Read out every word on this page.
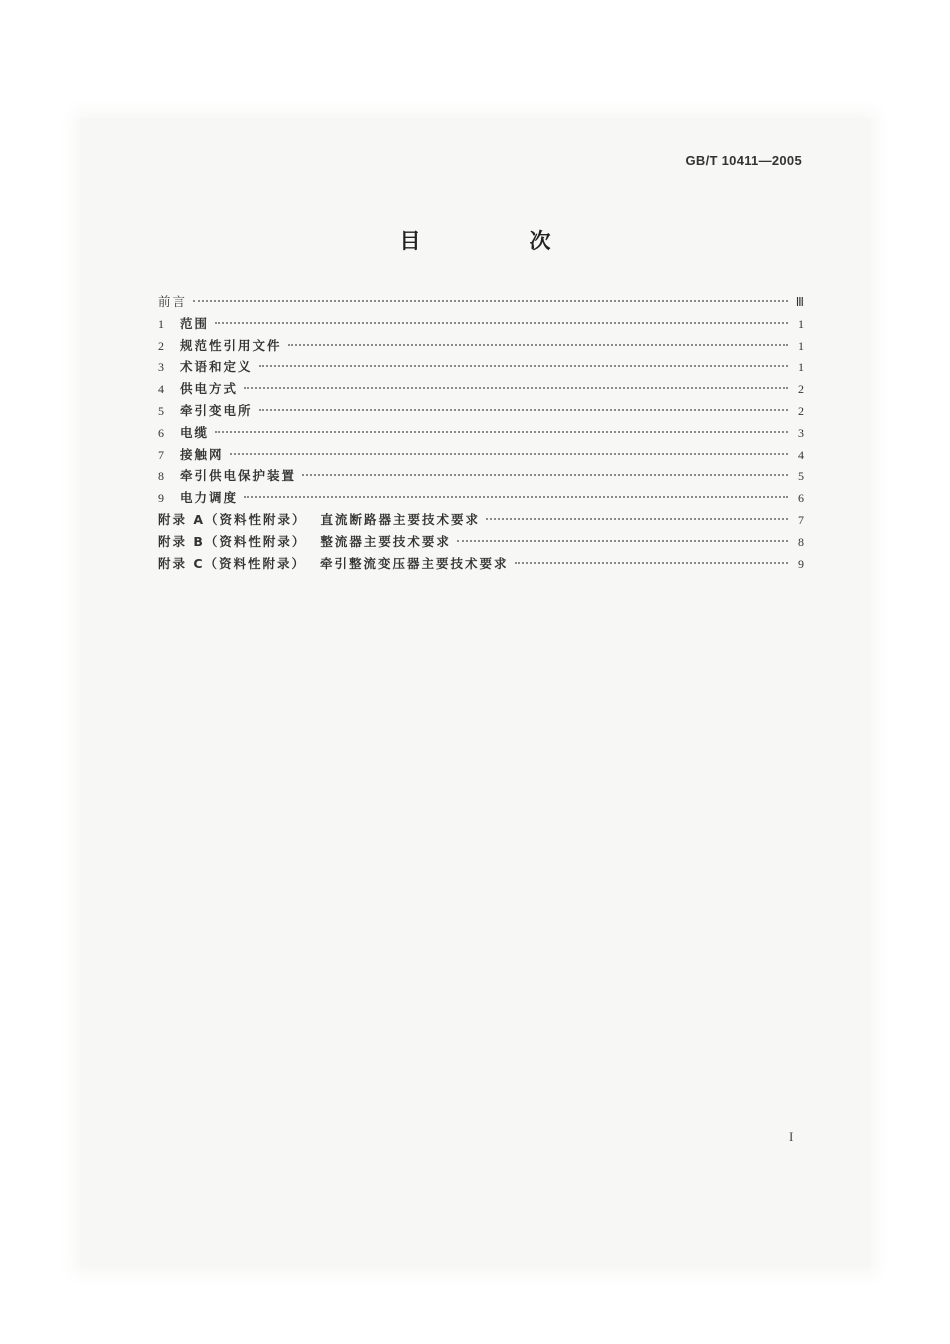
GB/T 10411—2005
目　次
前言	Ⅲ
1	范围	1
2	规范性引用文件	1
3	术语和定义	1
4	供电方式	2
5	牵引变电所	2
6	电缆	3
7	接触网	4
8	牵引供电保护装置	5
9	电力调度	6
附录 A（资料性附录） 直流断路器主要技术要求	7
附录 B（资料性附录） 整流器主要技术要求	8
附录 C（资料性附录） 牵引整流变压器主要技术要求	9
I
